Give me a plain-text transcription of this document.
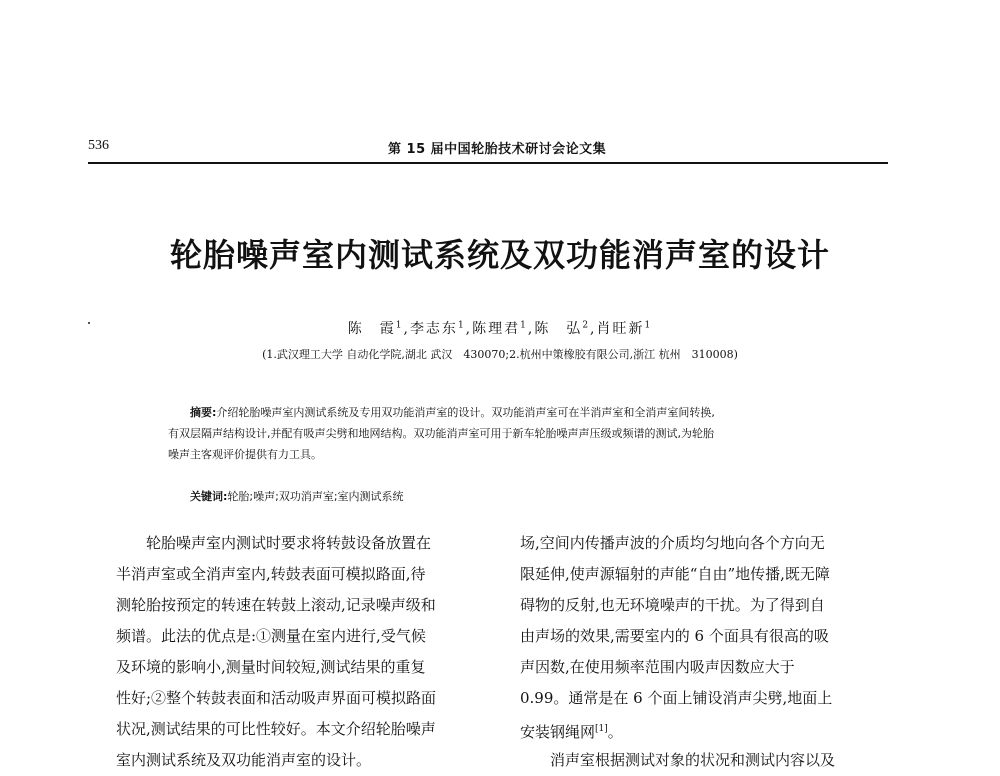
536	第 15 届中国轮胎技术研讨会论文集
轮胎噪声室内测试系统及双功能消声室的设计
陈　霞$^1$,李志东$^1$,陈理君$^1$,陈　弘$^2$,肖旺新$^1$
(1.武汉理工大学 自动化学院,湖北 武汉　430070;2.杭州中策橡胶有限公司,浙江 杭州　310008)
摘要:介绍轮胎噪声室内测试系统及专用双功能消声室的设计。双功能消声室可在半消声室和全消声室间转换,
有双层隔声结构设计,并配有吸声尖劈和地网结构。双功能消声室可用于新车轮胎噪声声压级或频谱的测试,为轮胎
噪声主客观评价提供有力工具。
关键词:轮胎;噪声;双功消声室;室内测试系统
轮胎噪声室内测试时要求将转鼓设备放置在
半消声室或全消声室内,转鼓表面可模拟路面,待
测轮胎按预定的转速在转鼓上滚动,记录噪声级和
频谱。此法的优点是:①测量在室内进行,受气候
及环境的影响小,测量时间较短,测试结果的重复
性好;②整个转鼓表面和活动吸声界面可模拟路面
状况,测试结果的可比性较好。本文介绍轮胎噪声
室内测试系统及双功能消声室的设计。
场,空间内传播声波的介质均匀地向各个方向无
限延伸,使声源辐射的声能“自由”地传播,既无障
碍物的反射,也无环境噪声的干扰。为了得到自
由声场的效果,需要室内的 6 个面具有很高的吸
声因数,在使用频率范围内吸声因数应大于
0.99。通常是在 6 个面上铺设消声尖劈,地面上
安装钢绳网[1]。
消声室根据测试对象的状况和测试内容以及
